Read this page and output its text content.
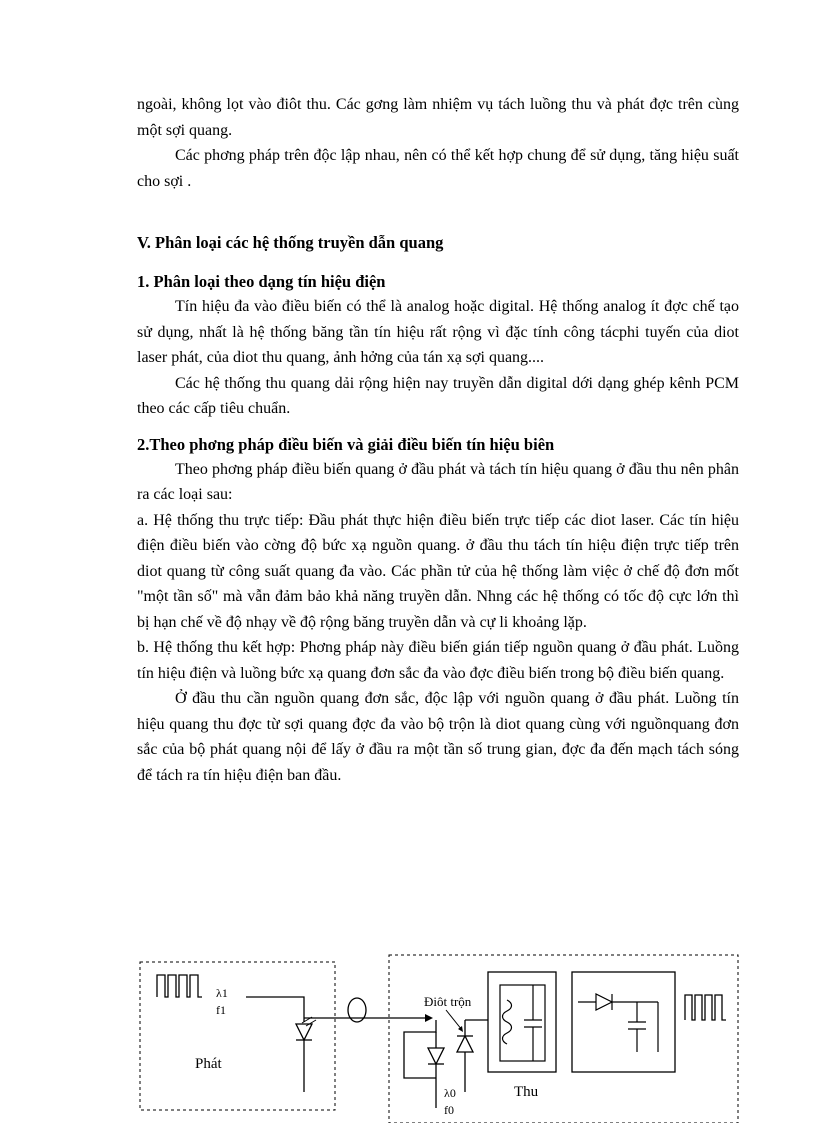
ngoài, không lọt vào điôt thu. Các gơng làm nhiệm vụ tách luồng thu và phát đợc trên cùng một sợi quang.

Các phơng pháp trên độc lập nhau, nên có thể kết hợp chung để sử dụng, tăng hiệu suất cho sợi .

V. Phân loại các hệ thống truyền dẫn quang
1. Phân loại theo dạng tín hiệu điện

Tín hiệu đa vào điều biến có thể là analog hoặc digital. Hệ thống analog ít đợc chế tạo sử dụng, nhất là hệ thống băng tần tín hiệu rất rộng vì đặc tính công tácphi tuyến của diot laser phát, của diot thu quang, ảnh hởng của tán xạ sợi quang....

Các hệ thống thu quang dải rộng hiện nay truyền dẫn digital dới dạng ghép kênh PCM theo các cấp tiêu chuẩn.

2.Theo phơng pháp điều biến và giải điều biến tín hiệu biên

Theo phơng pháp điều biến quang ở đầu phát và tách tín hiệu quang ở đầu thu nên phân ra các loại sau:

a. Hệ thống thu trực tiếp: Đầu phát thực hiện điều biến trực tiếp các diot laser. Các tín hiệu điện điều biến vào cờng độ bức xạ nguồn quang. ở đầu thu tách tín hiệu điện trực tiếp trên diot quang từ công suất quang đa vào. Các phần tử của hệ thống làm việc ở chế độ đơn mốt "một tần số" mà vẫn đảm bảo khả năng truyền dẫn. Nhng các hệ thống có tốc độ cực lớn thì bị hạn chế về độ nhạy về độ rộng băng truyền dẫn và cự li khoảng lặp.

b. Hệ thống thu kết hợp: Phơng pháp này điều biến gián tiếp nguồn quang ở đầu phát. Luồng tín hiệu điện và luồng bức xạ quang đơn sắc đa vào đợc điều biến trong bộ điều biến quang.

Ở đầu thu cần nguồn quang đơn sắc, độc lập với nguồn quang ở đầu phát. Luồng tín hiệu quang thu đợc từ sợi quang đợc đa vào bộ trộn là diot quang cùng với nguồnquang đơn sắc của bộ phát quang nội để lấy ở đầu ra một tần số trung gian, đợc đa đến mạch tách sóng để tách ra tín hiệu điện ban đầu.

λ1
f1
Phát
Điôt trộn
Thu
λ0
f0
